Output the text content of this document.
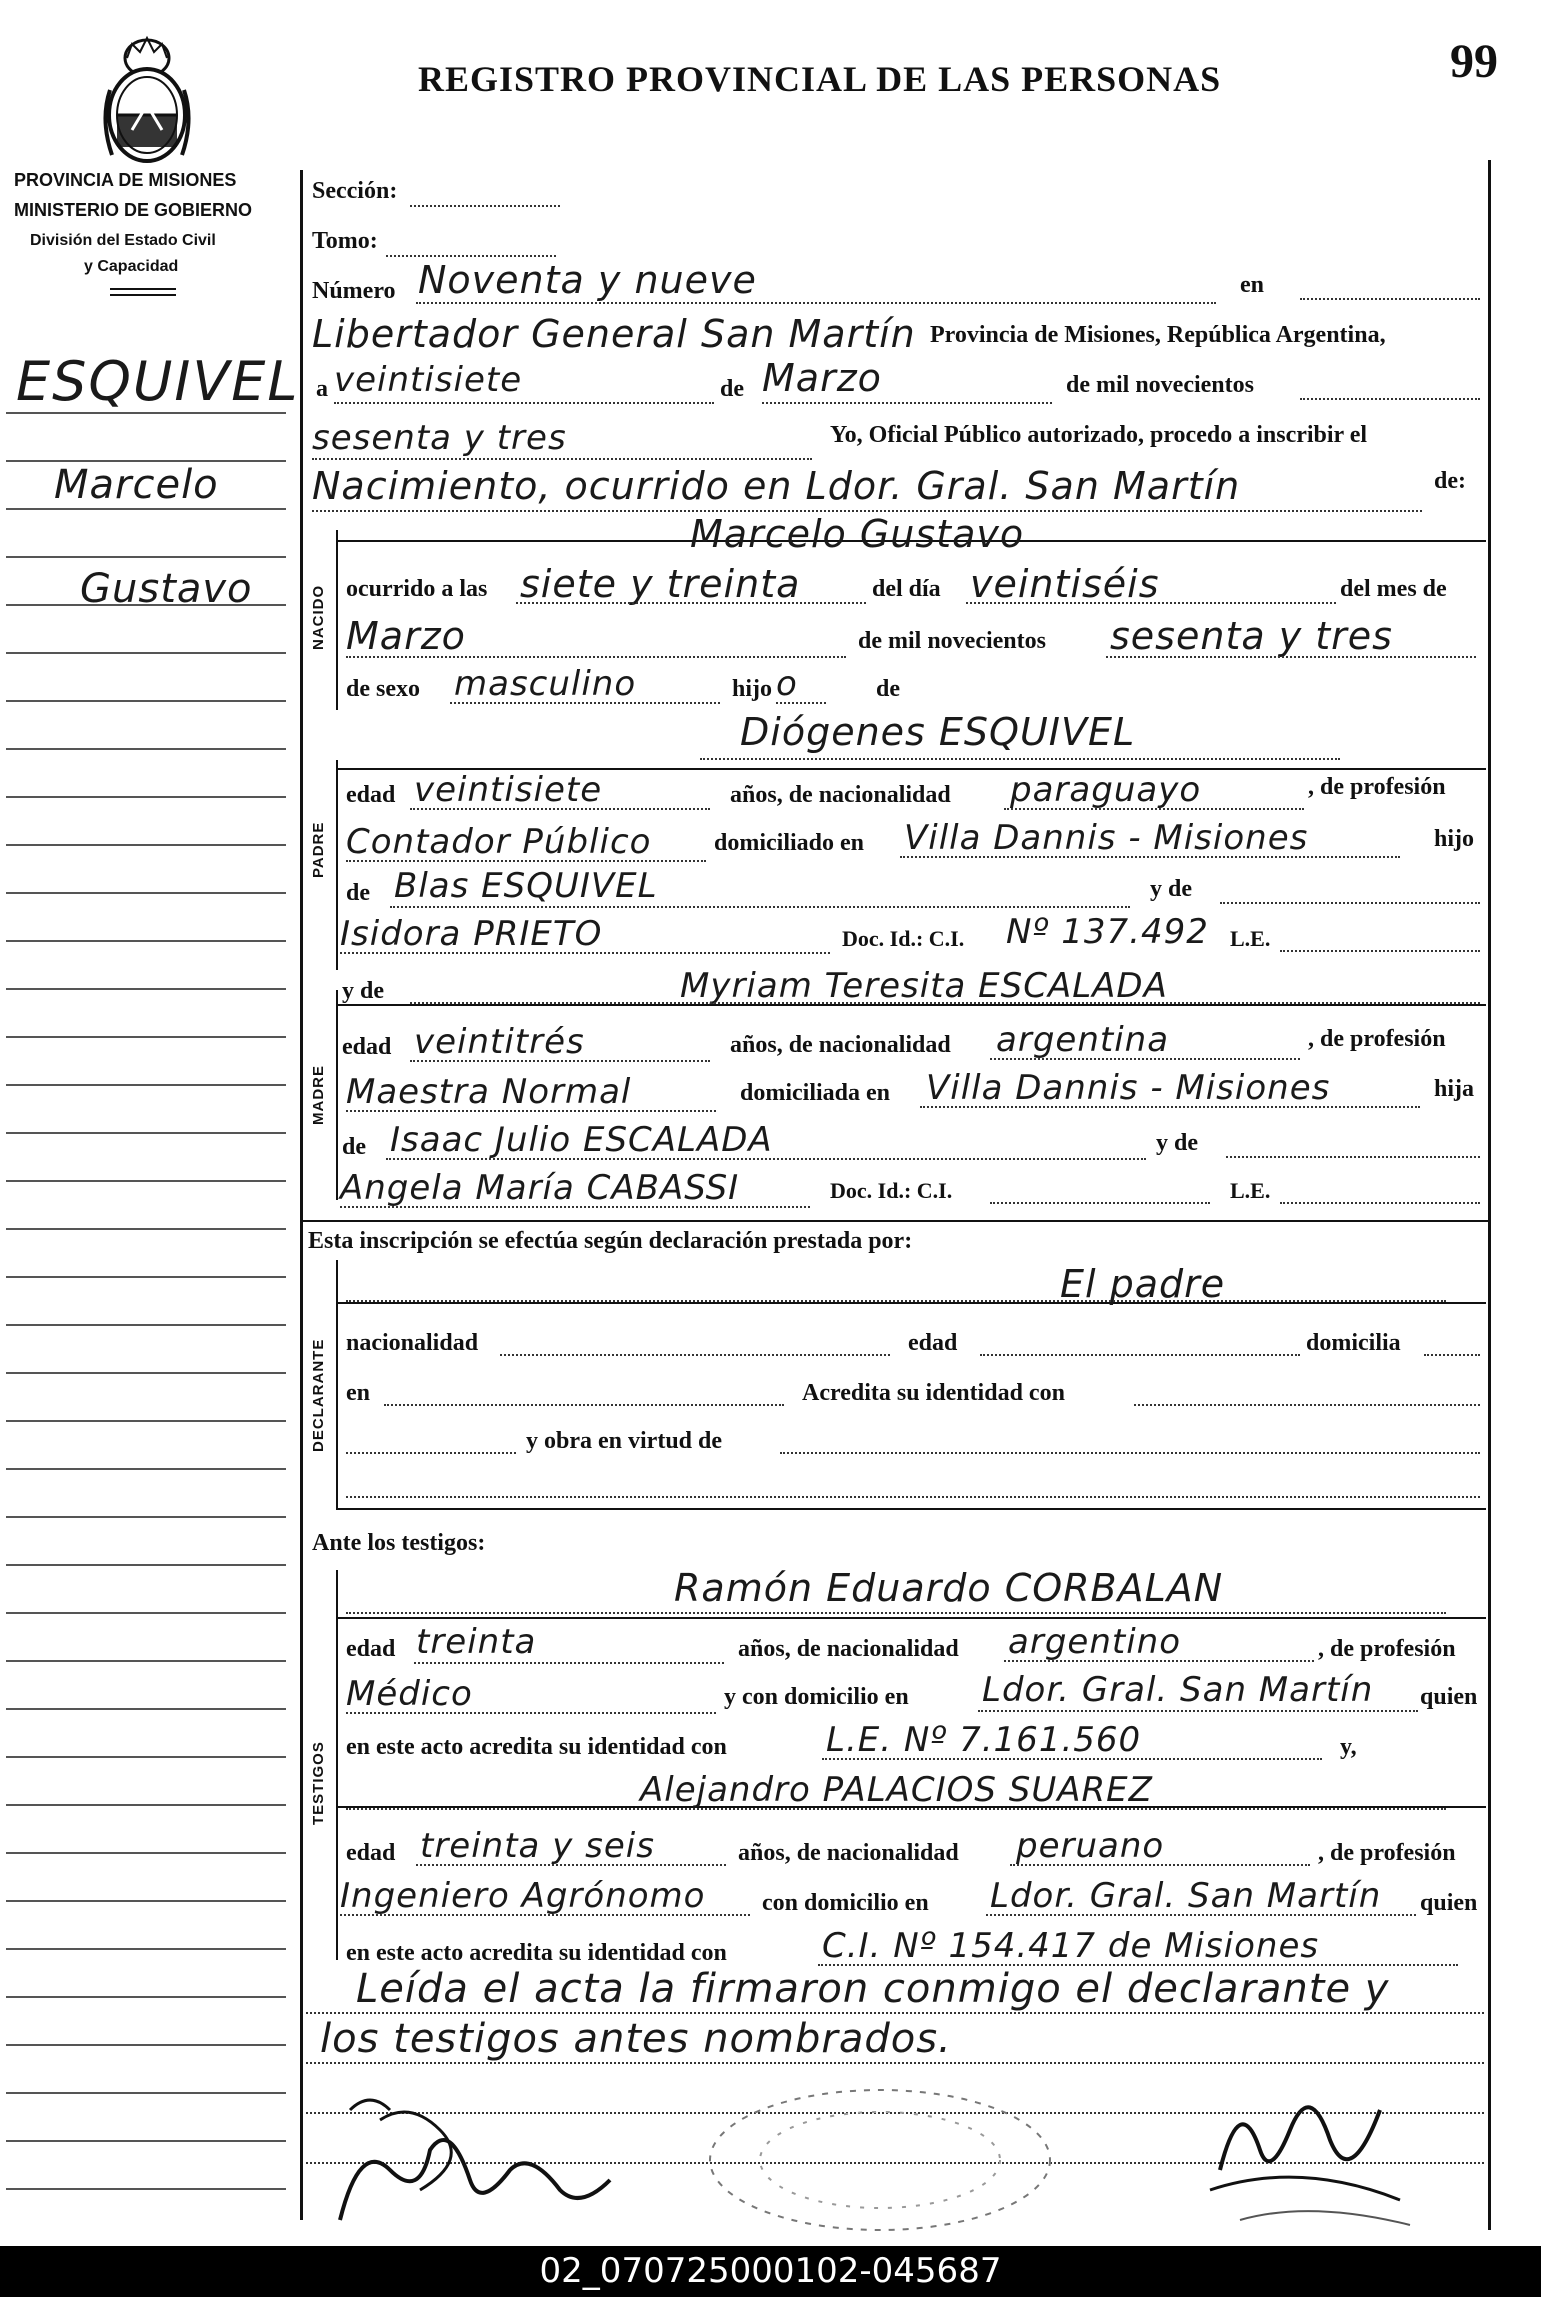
REGISTRO PROVINCIAL DE LAS PERSONAS	99
PROVINCIA DE MISIONES
MINISTERIO DE GOBIERNO
División del Estado Civil
y Capacidad
ESQUIVEL
Marcelo
Gustavo	NACIDO
PADRE
MADRE
DECLARANTE
TESTIGOS
Sección:
Tomo:
Número Noventa y nueve	en
Libertador General San Martín Provincia de Misiones, República Argentina,
a veintisiete	de Marzo	de mil novecientos
sesenta y tres	Yo, Oficial Público autorizado, procedo a inscribir el
Nacimiento, ocurrido en Ldor. Gral. San Martín	de:
Marcelo Gustavo
ocurrido a las siete y treinta	del día veintiséis	del mes de
Marzo	de mil novecientos sesenta y tres
de sexo masculino	hijo o	de
Diógenes ESQUIVEL
edad veintisiete	años, de nacionalidad paraguayo	, de profesión
Contador Público	domiciliado en Villa Dannis - Misiones	hijo
de Blas ESQUIVEL	y de
Isidora PRIETO	Doc. Id.: C.I. Nº 137.492 L.E.
y de	Myriam Teresita ESCALADA
edad veintitrés	años, de nacionalidad argentina	, de profesión
Maestra Normal	domiciliada en Villa Dannis - Misiones	hija
de Isaac Julio ESCALADA	y de
Angela María CABASSI	Doc. Id.: C.I.	L.E.
Esta inscripción se efectúa según declaración prestada por:
El padre
nacionalidad	edad	domicilia
en	Acredita su identidad con
y obra en virtud de
Ante los testigos:
Ramón Eduardo CORBALAN
edad treinta	años, de nacionalidad argentino	, de profesión
Médico	y con domicilio en Ldor. Gral. San Martín quien
en este acto acredita su identidad con	L.E. Nº 7.161.560	y,
Alejandro PALACIOS SUAREZ
edad treinta y seis	años, de nacionalidad peruano	, de profesión
Ingeniero Agrónomo con domicilio en Ldor. Gral. San Martín quien
en este acto acredita su identidad con	C.I. Nº 154.417 de Misiones
Leída el acta la firmaron conmigo el declarante y
los testigos antes nombrados.
02_070725000102-045687
